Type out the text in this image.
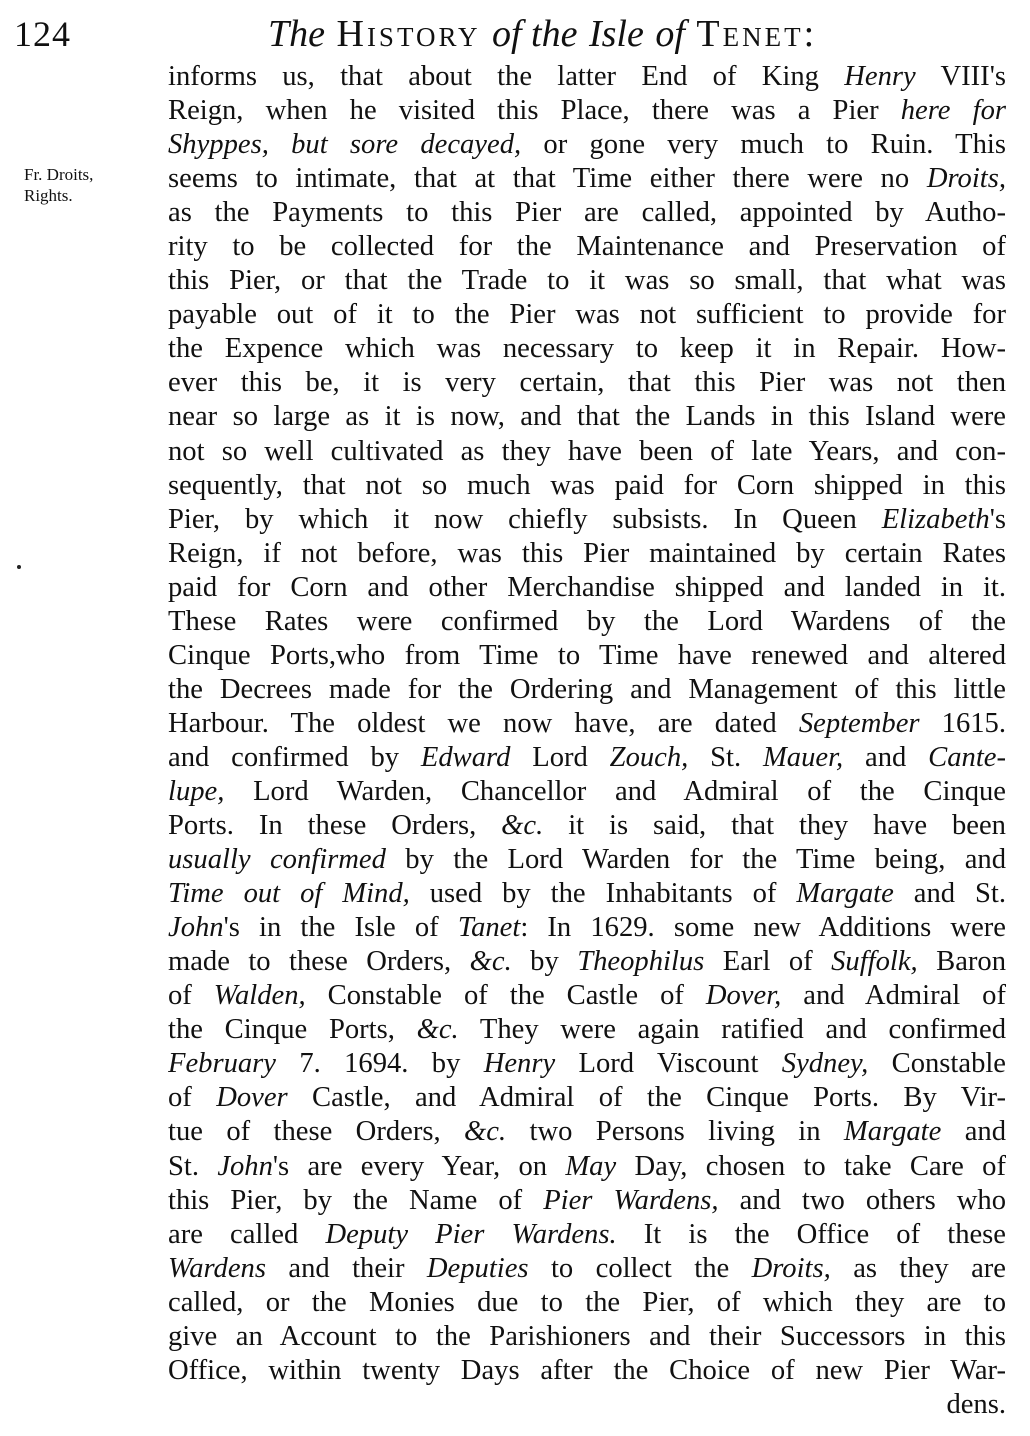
124	The History of the Isle of Tenet:
Fr. Droits,
Rights.
informs us, that about the latter End of King Henry VIII's
Reign, when he visited this Place, there was a Pier here for
Shyppes, but sore decayed, or gone very much to Ruin. This
seems to intimate, that at that Time either there were no Droits,
as the Payments to this Pier are called, appointed by Autho-
rity to be collected for the Maintenance and Preservation of
this Pier, or that the Trade to it was so small, that what was
payable out of it to the Pier was not sufficient to provide for
the Expence which was necessary to keep it in Repair. How-
ever this be, it is very certain, that this Pier was not then
near so large as it is now, and that the Lands in this Island were
not so well cultivated as they have been of late Years, and con-
sequently, that not so much was paid for Corn shipped in this
Pier, by which it now chiefly subsists. In Queen Elizabeth's
Reign, if not before, was this Pier maintained by certain Rates
paid for Corn and other Merchandise shipped and landed in it.
These Rates were confirmed by the Lord Wardens of the
Cinque Ports,who from Time to Time have renewed and altered
the Decrees made for the Ordering and Management of this little
Harbour. The oldest we now have, are dated September 1615.
and confirmed by Edward Lord Zouch, St. Mauer, and Cante-
lupe, Lord Warden, Chancellor and Admiral of the Cinque
Ports. In these Orders, &c. it is said, that they have been
usually confirmed by the Lord Warden for the Time being, and
Time out of Mind, used by the Inhabitants of Margate and St.
John's in the Isle of Tanet: In 1629. some new Additions were
made to these Orders, &c. by Theophilus Earl of Suffolk, Baron
of Walden, Constable of the Castle of Dover, and Admiral of
the Cinque Ports, &c. They were again ratified and confirmed
February 7. 1694. by Henry Lord Viscount Sydney, Constable
of Dover Castle, and Admiral of the Cinque Ports. By Vir-
tue of these Orders, &c. two Persons living in Margate and
St. John's are every Year, on May Day, chosen to take Care of
this Pier, by the Name of Pier Wardens, and two others who
are called Deputy Pier Wardens. It is the Office of these
Wardens and their Deputies to collect the Droits, as they are
called, or the Monies due to the Pier, of which they are to
give an Account to the Parishioners and their Successors in this
Office, within twenty Days after the Choice of new Pier War-
dens.
